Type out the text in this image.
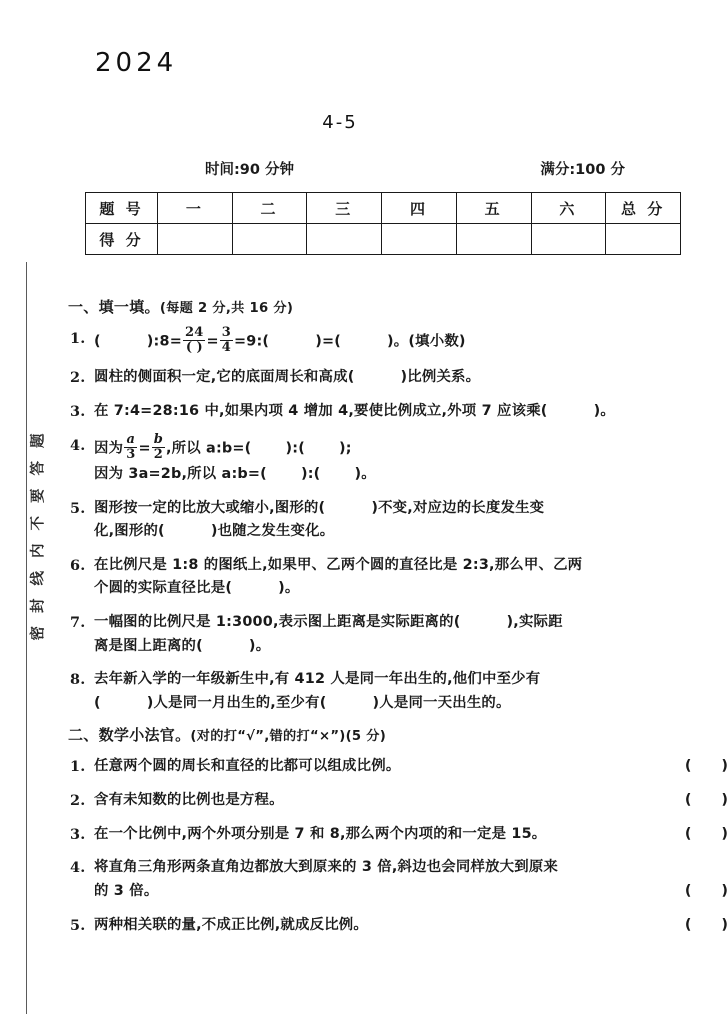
密封线内不要答题
2024
4-5
时间:90 分钟	满分:100 分
题 号	一	二	三	四	五	六	总 分
得 分							

一、填一填。(每题 2 分,共 16 分)

1. (	):8= $\frac{24}{( )} = \frac{3}{4}$ =9:(	)=(	)。(填小数)
2. 圆柱的侧面积一定,它的底面周长和高成(	)比例关系。
3. 在 7:4=28:16 中,如果内项 4 增加 4,要使比例成立,外项 7 应该乘(	)。
4. 因为 $\frac{a}{3} = \frac{b}{2}$ ,所以 a:b=( ):( );
因为 3a=2b,所以 a:b=( ):( )。
5. 图形按一定的比放大或缩小,图形的(	)不变,对应边的长度发生变
化,图形的(	)也随之发生变化。
6. 在比例尺是 1:8 的图纸上,如果甲、乙两个圆的直径比是 2:3,那么甲、乙两
个圆的实际直径比是(	)。
7. 一幅图的比例尺是 1:3000,表示图上距离是实际距离的(	),实际距
离是图上距离的(	)。
8. 去年新入学的一年级新生中,有 412 人是同一年出生的,他们中至少有
(	)人是同一月出生的,至少有(	)人是同一天出生的。

二、数学小法官。(对的打“√”,错的打“×”)(5 分)

( )
1. 任意两个圆的周长和直径的比都可以组成比例。
( )
2. 含有未知数的比例也是方程。
( )
3. 在一个比例中,两个外项分别是 7 和 8,那么两个内项的和一定是 15。
4. 将直角三角形两条直角边都放大到原来的 3 倍,斜边也会同样放大到原来
( )
的 3 倍。
( )
5. 两种相关联的量,不成正比例,就成反比例。
